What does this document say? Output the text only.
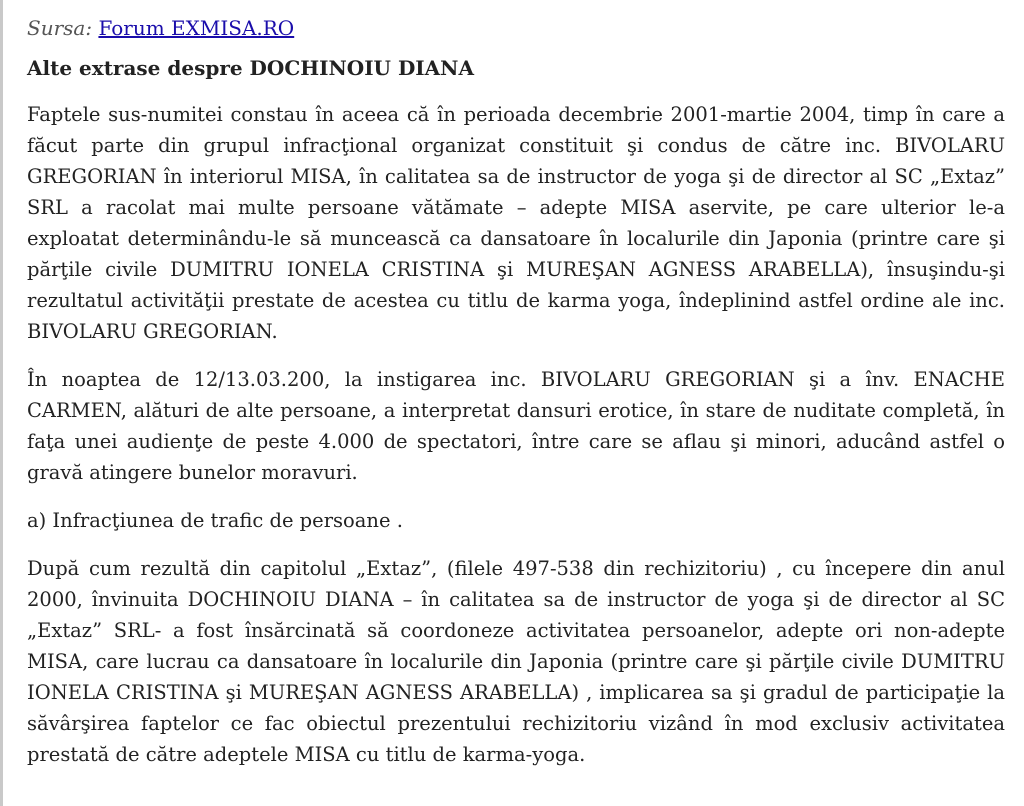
Sursa: Forum EXMISA.RO

Alte extrase despre DOCHINOIU DIANA

Faptele sus-numitei constau în aceea că în perioada decembrie 2001-martie 2004, timp în care a făcut parte din grupul infracţional organizat constituit şi condus de către inc. BIVOLARU GREGORIAN în interiorul MISA, în calitatea sa de instructor de yoga şi de director al SC „Extaz” SRL a racolat mai multe persoane vătămate – adepte MISA aservite, pe care ulterior le-a exploatat determinându-le să muncească ca dansatoare în localurile din Japonia (printre care şi părţile civile DUMITRU IONELA CRISTINA şi MUREŞAN AGNESS ARABELLA), însuşindu-şi rezultatul activităţii prestate de acestea cu titlu de karma yoga, îndeplinind astfel ordine ale inc. BIVOLARU GREGORIAN.

În noaptea de 12/13.03.200, la instigarea inc. BIVOLARU GREGORIAN şi a înv. ENACHE CARMEN, alături de alte persoane, a interpretat dansuri erotice, în stare de nuditate completă, în faţa unei audienţe de peste 4.000 de spectatori, între care se aflau şi minori, aducând astfel o gravă atingere bunelor moravuri.

a) Infracţiunea de trafic de persoane .

După cum rezultă din capitolul „Extaz”, (filele 497-538 din rechizitoriu) , cu începere din anul 2000, învinuita DOCHINOIU DIANA – în calitatea sa de instructor de yoga şi de director al SC „Extaz” SRL- a fost însărcinată să coordoneze activitatea persoanelor, adepte ori non-adepte MISA, care lucrau ca dansatoare în localurile din Japonia (printre care şi părţile civile DUMITRU IONELA CRISTINA şi MUREŞAN AGNESS ARABELLA) , implicarea sa şi gradul de participaţie la săvârşirea faptelor ce fac obiectul prezentului rechizitoriu vizând în mod exclusiv activitatea prestată de către adeptele MISA cu titlu de karma-yoga.
